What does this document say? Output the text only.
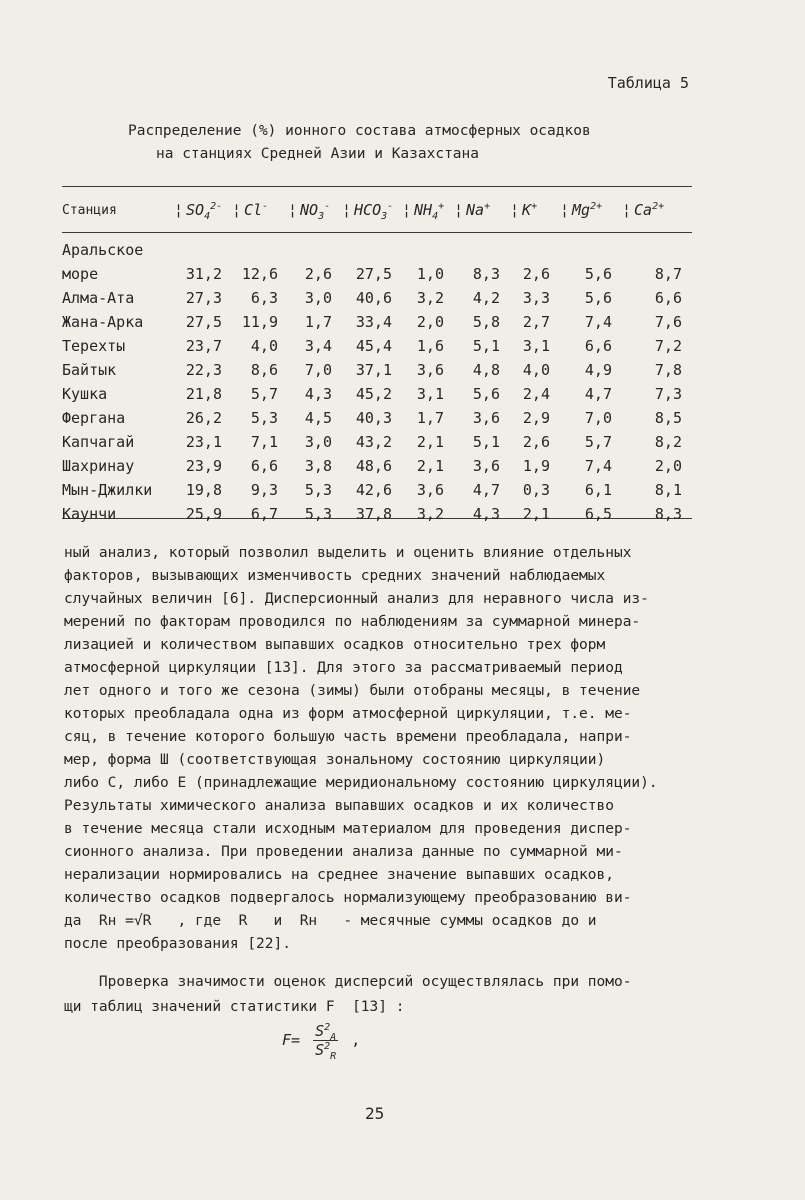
Таблица 5
Распределение (%) ионного состава атмосферных осадков
на станциях Средней Азии и Казахстана
Станция	¦ $SO_4^{2-}$	¦ Cl-	¦ $NO_3^-$	¦ $HCO_3^-$	¦ $NH_4^+$	¦ Na+	¦ K+	¦ $Mg^{2+}$	¦ $Ca^{2+}$
Аральское									
море	31,2	12,6	2,6	27,5	1,0	8,3	2,6	5,6	8,7
Алма-Ата	27,3	6,3	3,0	40,6	3,2	4,2	3,3	5,6	6,6
Жана-Арка	27,5	11,9	1,7	33,4	2,0	5,8	2,7	7,4	7,6
Терехты	23,7	4,0	3,4	45,4	1,6	5,1	3,1	6,6	7,2
Байтык	22,3	8,6	7,0	37,1	3,6	4,8	4,0	4,9	7,8
Кушка	21,8	5,7	4,3	45,2	3,1	5,6	2,4	4,7	7,3
Фергана	26,2	5,3	4,5	40,3	1,7	3,6	2,9	7,0	8,5
Капчагай	23,1	7,1	3,0	43,2	2,1	5,1	2,6	5,7	8,2
Шахринау	23,9	6,6	3,8	48,6	2,1	3,6	1,9	7,4	2,0
Мын-Джилки	19,8	9,3	5,3	42,6	3,6	4,7	0,3	6,1	8,1
Каунчи	25,9	6,7	5,3	37,8	3,2	4,3	2,1	6,5	8,3
ный анализ, который позволил выделить и оценить влияние отдельных
факторов, вызывающих изменчивость средних значений наблюдаемых
случайных величин [6]. Дисперсионный анализ для неравного числа из-
мерений по факторам проводился по наблюдениям за суммарной минера-
лизацией и количеством выпавших осадков относительно трех форм
атмосферной циркуляции [13]. Для этого за рассматриваемый период
лет одного и того же сезона (зимы) были отобраны месяцы, в течение
которых преобладала одна из форм атмосферной циркуляции, т.е. ме-
сяц, в течение которого большую часть времени преобладала, напри-
мер, форма Ш (соответствующая зональному состоянию циркуляции)
либо С, либо Е (принадлежащие меридиональному состоянию циркуляции).
Результаты химического анализа выпавших осадков и их количество
в течение месяца стали исходным материалом для проведения диспер-
сионного анализа. При проведении анализа данные по суммарной ми-
нерализации нормировались на среднее значение выпавших осадков,
количество осадков подвергалось нормализующему преобразованию ви-
да  Rн =√R   , где  R   и  Rн   - месячные суммы осадков до и
после преобразования [22].
Проверка значимости оценок дисперсий осуществлялась при помо-
щи таблиц значений статистики F  [13] :
$F= \frac{S^2_A}{S^2_R}$ ,
25
